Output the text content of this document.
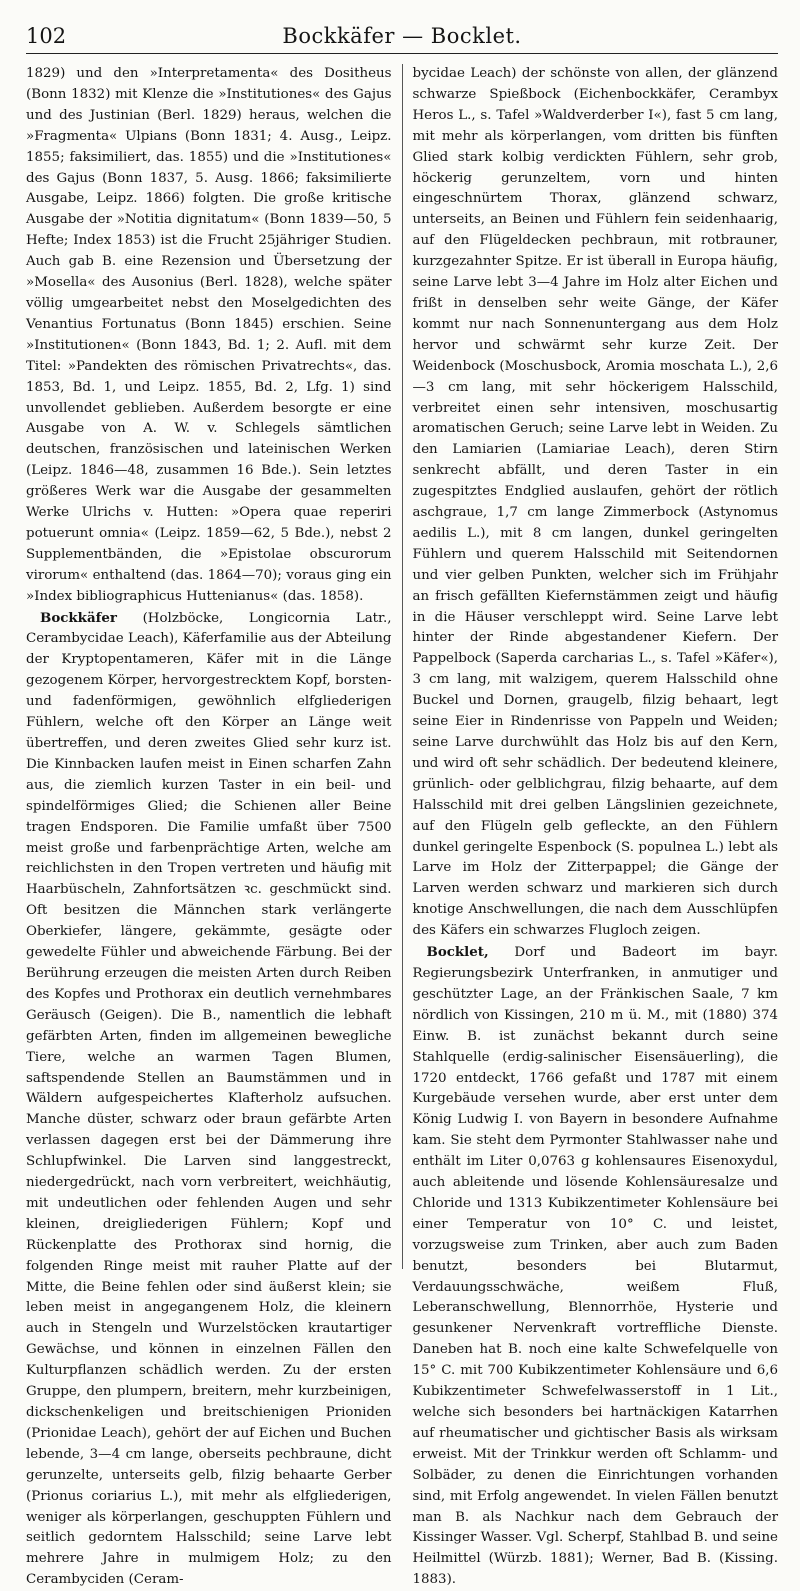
102	Bockkäfer — Bocklet.

1829) und den »Interpretamenta« des Dositheus (Bonn 1832) mit Klenze die »Institutiones« des Gajus und des Justinian (Berl. 1829) heraus, welchen die »Fragmenta« Ulpians (Bonn 1831; 4. Ausg., Leipz. 1855; faksimiliert, das. 1855) und die »Institutiones« des Gajus (Bonn 1837, 5. Ausg. 1866; faksimilierte Ausgabe, Leipz. 1866) folgten. Die große kritische Ausgabe der »Notitia dignitatum« (Bonn 1839—50, 5 Hefte; Index 1853) ist die Frucht 25jähriger Studien. Auch gab B. eine Rezension und Übersetzung der »Mosella« des Ausonius (Berl. 1828), welche später völlig umgearbeitet nebst den Moselgedichten des Venantius Fortunatus (Bonn 1845) erschien. Seine »Institutionen« (Bonn 1843, Bd. 1; 2. Aufl. mit dem Titel: »Pandekten des römischen Privatrechts«, das. 1853, Bd. 1, und Leipz. 1855, Bd. 2, Lfg. 1) sind unvollendet geblieben. Außerdem besorgte er eine Ausgabe von A. W. v. Schlegels sämtlichen deutschen, französischen und lateinischen Werken (Leipz. 1846—48, zusammen 16 Bde.). Sein letztes größeres Werk war die Ausgabe der gesammelten Werke Ulrichs v. Hutten: »Opera quae reperiri potuerunt omnia« (Leipz. 1859—62, 5 Bde.), nebst 2 Supplementbänden, die »Epistolae obscurorum virorum« enthaltend (das. 1864—70); voraus ging ein »Index bibliographicus Huttenianus« (das. 1858).

Bockkäfer (Holzböcke, Longicornia Latr., Cerambycidae Leach), Käferfamilie aus der Abteilung der Kryptopentameren, Käfer mit in die Länge gezogenem Körper, hervorgestrecktem Kopf, borsten- und fadenförmigen, gewöhnlich elfgliederigen Fühlern, welche oft den Körper an Länge weit übertreffen, und deren zweites Glied sehr kurz ist. Die Kinnbacken laufen meist in Einen scharfen Zahn aus, die ziemlich kurzen Taster in ein beil- und spindelförmiges Glied; die Schienen aller Beine tragen Endsporen. Die Familie umfaßt über 7500 meist große und farbenprächtige Arten, welche am reichlichsten in den Tropen vertreten und häufig mit Haarbüscheln, Zahnfortsätzen ꝛc. geschmückt sind. Oft besitzen die Männchen stark verlängerte Oberkiefer, längere, gekämmte, gesägte oder gewedelte Fühler und abweichende Färbung. Bei der Berührung erzeugen die meisten Arten durch Reiben des Kopfes und Prothorax ein deutlich vernehmbares Geräusch (Geigen). Die B., namentlich die lebhaft gefärbten Arten, finden im allgemeinen bewegliche Tiere, welche an warmen Tagen Blumen, saftspendende Stellen an Baumstämmen und in Wäldern aufgespeichertes Klafterholz aufsuchen. Manche düster, schwarz oder braun gefärbte Arten verlassen dagegen erst bei der Dämmerung ihre Schlupfwinkel. Die Larven sind langgestreckt, niedergedrückt, nach vorn verbreitert, weichhäutig, mit undeutlichen oder fehlenden Augen und sehr kleinen, dreigliederigen Fühlern; Kopf und Rückenplatte des Prothorax sind hornig, die folgenden Ringe meist mit rauher Platte auf der Mitte, die Beine fehlen oder sind äußerst klein; sie leben meist in angegangenem Holz, die kleinern auch in Stengeln und Wurzelstöcken krautartiger Gewächse, und können in einzelnen Fällen den Kulturpflanzen schädlich werden. Zu der ersten Gruppe, den plumpern, breitern, mehr kurzbeinigen, dickschenkeligen und breitschienigen Prioniden (Prionidae Leach), gehört der auf Eichen und Buchen lebende, 3—4 cm lange, oberseits pechbraune, dicht gerunzelte, unterseits gelb, filzig behaarte Gerber (Prionus coriarius L.), mit mehr als elfgliederigen, weniger als körperlangen, geschuppten Fühlern und seitlich gedorntem Halsschild; seine Larve lebt mehrere Jahre in mulmigem Holz; zu den Cerambyciden (Ceram-

bycidae Leach) der schönste von allen, der glänzend schwarze Spießbock (Eichenbockkäfer, Cerambyx Heros L., s. Tafel »Waldverderber I«), fast 5 cm lang, mit mehr als körperlangen, vom dritten bis fünften Glied stark kolbig verdickten Fühlern, sehr grob, höckerig gerunzeltem, vorn und hinten eingeschnürtem Thorax, glänzend schwarz, unterseits, an Beinen und Fühlern fein seidenhaarig, auf den Flügeldecken pechbraun, mit rotbrauner, kurzgezahnter Spitze. Er ist überall in Europa häufig, seine Larve lebt 3—4 Jahre im Holz alter Eichen und frißt in denselben sehr weite Gänge, der Käfer kommt nur nach Sonnenuntergang aus dem Holz hervor und schwärmt sehr kurze Zeit. Der Weidenbock (Moschusbock, Aromia moschata L.), 2,6—3 cm lang, mit sehr höckerigem Halsschild, verbreitet einen sehr intensiven, moschusartig aromatischen Geruch; seine Larve lebt in Weiden. Zu den Lamiarien (Lamiariae Leach), deren Stirn senkrecht abfällt, und deren Taster in ein zugespitztes Endglied auslaufen, gehört der rötlich aschgraue, 1,7 cm lange Zimmerbock (Astynomus aedilis L.), mit 8 cm langen, dunkel geringelten Fühlern und querem Halsschild mit Seitendornen und vier gelben Punkten, welcher sich im Frühjahr an frisch gefällten Kiefernstämmen zeigt und häufig in die Häuser verschleppt wird. Seine Larve lebt hinter der Rinde abgestandener Kiefern. Der Pappelbock (Saperda carcharias L., s. Tafel »Käfer«), 3 cm lang, mit walzigem, querem Halsschild ohne Buckel und Dornen, graugelb, filzig behaart, legt seine Eier in Rindenrisse von Pappeln und Weiden; seine Larve durchwühlt das Holz bis auf den Kern, und wird oft sehr schädlich. Der bedeutend kleinere, grünlich- oder gelblichgrau, filzig behaarte, auf dem Halsschild mit drei gelben Längslinien gezeichnete, auf den Flügeln gelb gefleckte, an den Fühlern dunkel geringelte Espenbock (S. populnea L.) lebt als Larve im Holz der Zitterpappel; die Gänge der Larven werden schwarz und markieren sich durch knotige Anschwellungen, die nach dem Ausschlüpfen des Käfers ein schwarzes Flugloch zeigen.

Bocklet, Dorf und Badeort im bayr. Regierungsbezirk Unterfranken, in anmutiger und geschützter Lage, an der Fränkischen Saale, 7 km nördlich von Kissingen, 210 m ü. M., mit (1880) 374 Einw. B. ist zunächst bekannt durch seine Stahlquelle (erdig-salinischer Eisensäuerling), die 1720 entdeckt, 1766 gefaßt und 1787 mit einem Kurgebäude versehen wurde, aber erst unter dem König Ludwig I. von Bayern in besondere Aufnahme kam. Sie steht dem Pyrmonter Stahlwasser nahe und enthält im Liter 0,0763 g kohlensaures Eisenoxydul, auch ableitende und lösende Kohlensäuresalze und Chloride und 1313 Kubikzentimeter Kohlensäure bei einer Temperatur von 10° C. und leistet, vorzugsweise zum Trinken, aber auch zum Baden benutzt, besonders bei Blutarmut, Verdauungsschwäche, weißem Fluß, Leberanschwellung, Blennorrhöe, Hysterie und gesunkener Nervenkraft vortreffliche Dienste. Daneben hat B. noch eine kalte Schwefelquelle von 15° C. mit 700 Kubikzentimeter Kohlensäure und 6,6 Kubikzentimeter Schwefelwasserstoff in 1 Lit., welche sich besonders bei hartnäckigen Katarrhen auf rheumatischer und gichtischer Basis als wirksam erweist. Mit der Trinkkur werden oft Schlamm- und Solbäder, zu denen die Einrichtungen vorhanden sind, mit Erfolg angewendet. In vielen Fällen benutzt man B. als Nachkur nach dem Gebrauch der Kissinger Wasser. Vgl. Scherpf, Stahlbad B. und seine Heilmittel (Würzb. 1881); Werner, Bad B. (Kissing. 1883).
